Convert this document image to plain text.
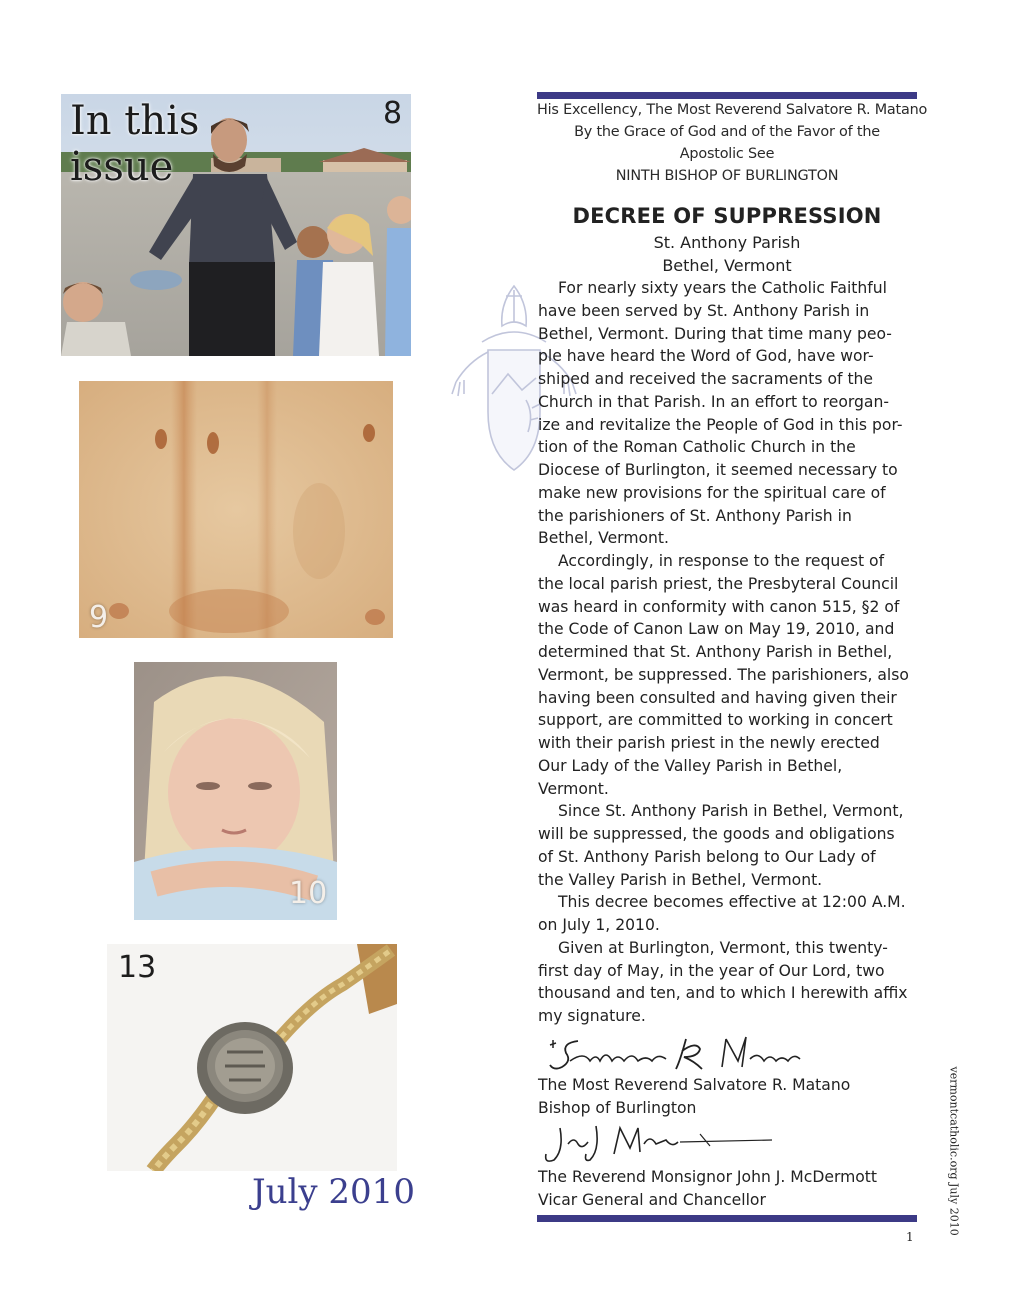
In this
issue
8
9
10
13
July 2010
His Excellency, The Most Reverend Salvatore R. Matano
By the Grace of God and of the Favor of the
Apostolic See
NINTH BISHOP OF BURLINGTON
DECREE OF SUPPRESSION
St. Anthony Parish
Bethel, Vermont
For nearly sixty years the Catholic Faithful
have been served by St. Anthony Parish in
Bethel, Vermont. During that time many peo-
ple have heard the Word of God, have wor-
shiped and received the sacraments of the
Church in that Parish. In an effort to reorgan-
ize and revitalize the People of God in this por-
tion of the Roman Catholic Church in the
Diocese of Burlington, it seemed necessary to
make new provisions for the spiritual care of
the parishioners of St. Anthony Parish in
Bethel, Vermont.
Accordingly, in response to the request of
the local parish priest, the Presbyteral Council
was heard in conformity with canon 515, §2 of
the Code of Canon Law on May 19, 2010, and
determined that St. Anthony Parish in Bethel,
Vermont, be suppressed. The parishioners, also
having been consulted and having given their
support, are committed to working in concert
with their parish priest in the newly erected
Our Lady of the Valley Parish in Bethel,
Vermont.
Since St. Anthony Parish in Bethel, Vermont,
will be suppressed, the goods and obligations
of St. Anthony Parish belong to Our Lady of
the Valley Parish in Bethel, Vermont.
This decree becomes effective at 12:00 A.M.
on July 1, 2010.
Given at Burlington, Vermont, this twenty-
first day of May, in the year of Our Lord, two
thousand and ten, and to which I herewith affix
my signature.
The Most Reverend Salvatore R. Matano
Bishop of Burlington
The Reverend Monsignor John J. McDermott
Vicar General and Chancellor	vermontcatholic.org July 2010
1
